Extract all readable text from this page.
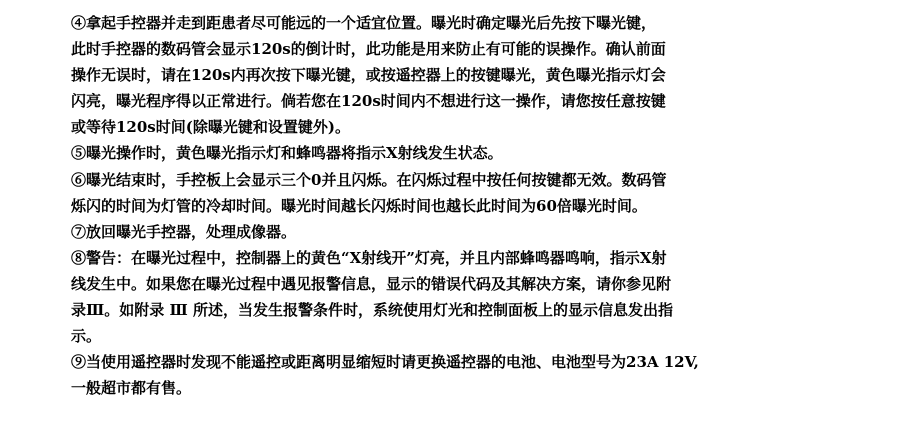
④拿起手控器并走到距患者尽可能远的一个适宜位置。曝光时确定曝光后先按下曝光键，
此时手控器的数码管会显示120s的倒计时，此功能是用来防止有可能的误操作。确认前面
操作无误时，请在120s内再次按下曝光键，或按遥控器上的按键曝光，黄色曝光指示灯会
闪亮，曝光程序得以正常进行。倘若您在120s时间内不想进行这一操作，请您按任意按键
或等待120s时间(除曝光键和设置键外)。
⑤曝光操作时，黄色曝光指示灯和蜂鸣器将指示X射线发生状态。
⑥曝光结束时，手控板上会显示三个0并且闪烁。在闪烁过程中按任何按键都无效。数码管
烁闪的时间为灯管的冷却时间。曝光时间越长闪烁时间也越长此时间为60倍曝光时间。
⑦放回曝光手控器，处理成像器。
⑧警告：在曝光过程中，控制器上的黄色“X射线开”灯亮，并且内部蜂鸣器鸣响，指示X射
线发生中。如果您在曝光过程中遇见报警信息，显示的错误代码及其解决方案，请你参见附
录Ⅲ。如附录 Ⅲ 所述，当发生报警条件时，系统使用灯光和控制面板上的显示信息发出指
示。
⑨当使用遥控器时发现不能遥控或距离明显缩短时请更换遥控器的电池、电池型号为23A 12V,
一般超市都有售。
